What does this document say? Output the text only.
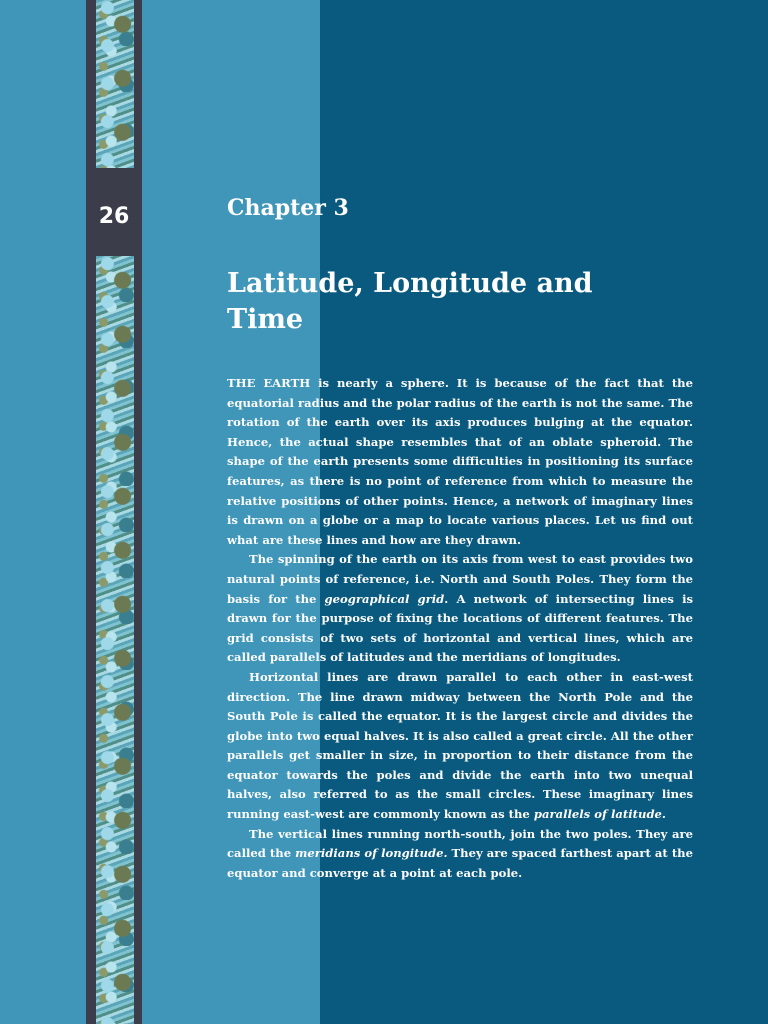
26	Chapter 3
Latitude, Longitude and Time

THE EARTH is nearly a sphere. It is because of the fact that the equatorial radius and the polar radius of the earth is not the same. The rotation of the earth over its axis produces bulging at the equator. Hence, the actual shape resembles that of an oblate spheroid. The shape of the earth presents some difficulties in positioning its surface features, as there is no point of reference from which to measure the relative positions of other points. Hence, a network of imaginary lines is drawn on a globe or a map to locate various places. Let us find out what are these lines and how are they drawn.

The spinning of the earth on its axis from west to east provides two natural points of reference, i.e. North and South Poles. They form the basis for the geographical grid. A network of intersecting lines is drawn for the purpose of fixing the locations of different features. The grid consists of two sets of horizontal and vertical lines, which are called parallels of latitudes and the meridians of longitudes.

Horizontal lines are drawn parallel to each other in east-west direction. The line drawn midway between the North Pole and the South Pole is called the equator. It is the largest circle and divides the globe into two equal halves. It is also called a great circle. All the other parallels get smaller in size, in proportion to their distance from the equator towards the poles and divide the earth into two unequal halves, also referred to as the small circles. These imaginary lines running east-west are commonly known as the parallels of latitude.

The vertical lines running north-south, join the two poles. They are called the meridians of longitude. They are spaced farthest apart at the equator and converge at a point at each pole.
